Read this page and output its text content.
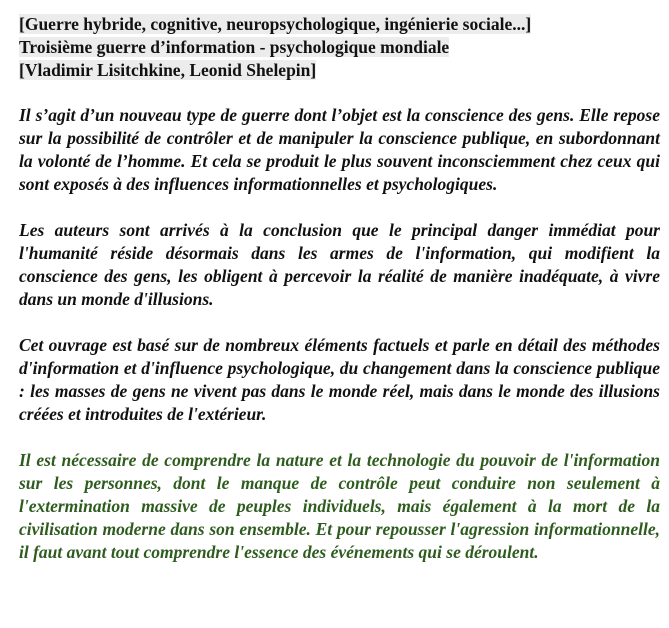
[Guerre hybride, cognitive, neuropsychologique, ingénierie sociale...]
Troisième guerre d’information - psychologique mondiale
[Vladimir Lisitchkine, Leonid Shelepin]

Il s’agit d’un nouveau type de guerre dont l’objet est la conscience des gens. Elle repose sur la possibilité de contrôler et de manipuler la conscience publique, en subordonnant la volonté de l’homme. Et cela se produit le plus souvent inconsciemment chez ceux qui sont exposés à des influences informationnelles et psychologiques.

Les auteurs sont arrivés à la conclusion que le principal danger immédiat pour l'humanité réside désormais dans les armes de l'information, qui modifient la conscience des gens, les obligent à percevoir la réalité de manière inadéquate, à vivre dans un monde d'illusions.

Cet ouvrage est basé sur de nombreux éléments factuels et parle en détail des méthodes d'information et d'influence psychologique, du changement dans la conscience publique : les masses de gens ne vivent pas dans le monde réel, mais dans le monde des illusions créées et introduites de l'extérieur.

Il est nécessaire de comprendre la nature et la technologie du pouvoir de l'information sur les personnes, dont le manque de contrôle peut conduire non seulement à l'extermination massive de peuples individuels, mais également à la mort de la civilisation moderne dans son ensemble. Et pour repousser l'agression informationnelle, il faut avant tout comprendre l'essence des événements qui se déroulent.
